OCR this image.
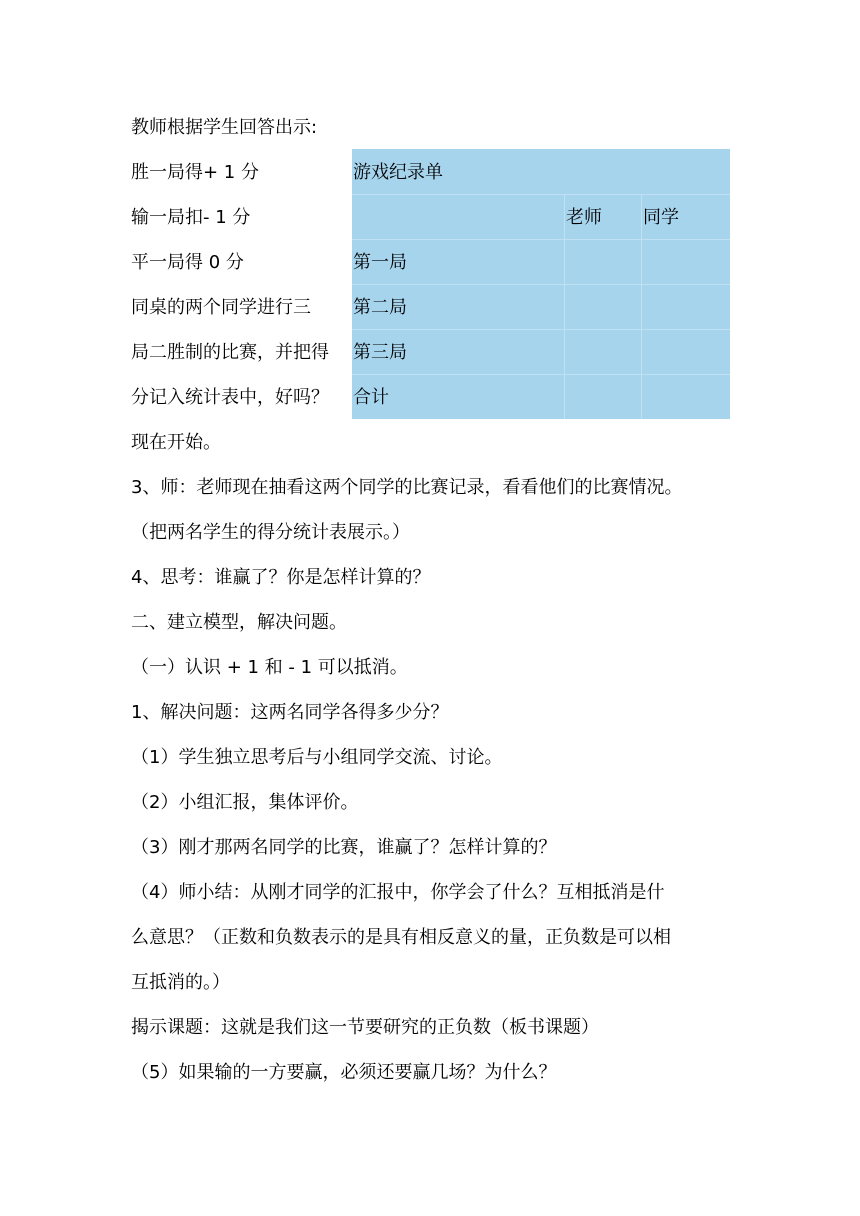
教师根据学生回答出示:
胜一局得+ 1 分
输一局扣- 1 分
平一局得 0 分
同桌的两个同学进行三
局二胜制的比赛，并把得
分记入统计表中，好吗？
游戏纪录单
老师 同学
第一局
第二局
第三局
合计
现在开始。
3、师：老师现在抽看这两个同学的比赛记录，看看他们的比赛情况。
（把两名学生的得分统计表展示。）
4、思考：谁赢了？你是怎样计算的？
二、建立模型，解决问题。
（一）认识 + 1 和 - 1 可以抵消。
1、解决问题：这两名同学各得多少分？
（1）学生独立思考后与小组同学交流、讨论。
（2）小组汇报，集体评价。
（3）刚才那两名同学的比赛，谁赢了？怎样计算的？
（4）师小结：从刚才同学的汇报中，你学会了什么？互相抵消是什
么意思？（正数和负数表示的是具有相反意义的量，正负数是可以相
互抵消的。）
揭示课题：这就是我们这一节要研究的正负数（板书课题）
（5）如果输的一方要赢，必须还要赢几场？为什么？
